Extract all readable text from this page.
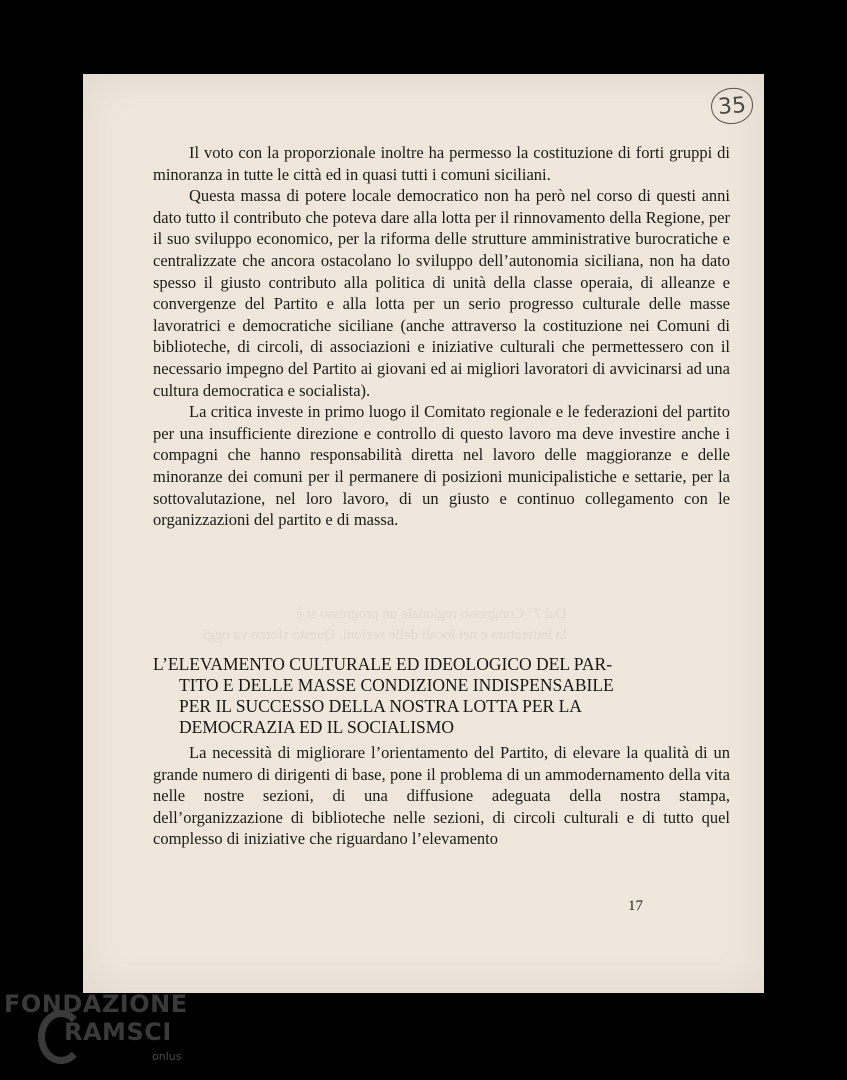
Dal 7° Congresso regionale un progresso si è
la letteratura e nei locali delle sezioni. Questo sforzo va oggi
35

Il voto con la proporzionale inoltre ha permesso la costituzione di forti gruppi di minoranza in tutte le città ed in quasi tutti i comuni siciliani.

Questa massa di potere locale democratico non ha però nel corso di questi anni dato tutto il contributo che poteva dare alla lotta per il rinnovamento della Regione, per il suo sviluppo economico, per la riforma delle strutture amministrative burocratiche e centralizzate che ancora ostacolano lo sviluppo dell’autonomia siciliana, non ha dato spesso il giusto contributo alla politica di unità della classe operaia, di alleanze e convergenze del Partito e alla lotta per un serio progresso culturale delle masse lavoratrici e democratiche siciliane (anche attraverso la costituzione nei Comuni di biblioteche, di circoli, di associazioni e iniziative culturali che permettessero con il necessario impegno del Partito ai giovani ed ai migliori lavoratori di avvicinarsi ad una cultura democratica e socialista).

La critica investe in primo luogo il Comitato regionale e le federazioni del partito per una insufficiente direzione e controllo di questo lavoro ma deve investire anche i compagni che hanno responsabilità diretta nel lavoro delle maggioranze e delle minoranze dei comuni per il permanere di posizioni municipalistiche e settarie, per la sottovalutazione, nel loro lavoro, di un giusto e continuo collegamento con le organizzazioni del partito e di massa.

L’ELEVAMENTO CULTURALE ED IDEOLOGICO DEL PAR-
TITO E DELLE MASSE CONDIZIONE INDISPENSABILE
PER IL SUCCESSO DELLA NOSTRA LOTTA PER LA
DEMOCRAZIA ED IL SOCIALISMO

La necessità di migliorare l’orientamento del Partito, di elevare la qualità di un grande numero di dirigenti di base, pone il problema di un ammodernamento della vita nelle nostre sezioni, di una diffusione adeguata della nostra stampa, dell’organizzazione di biblioteche nelle sezioni, di circoli culturali e di tutto quel complesso di iniziative che riguardano l’elevamento

17
FONDAZIONE
RAMSCI
onlus
